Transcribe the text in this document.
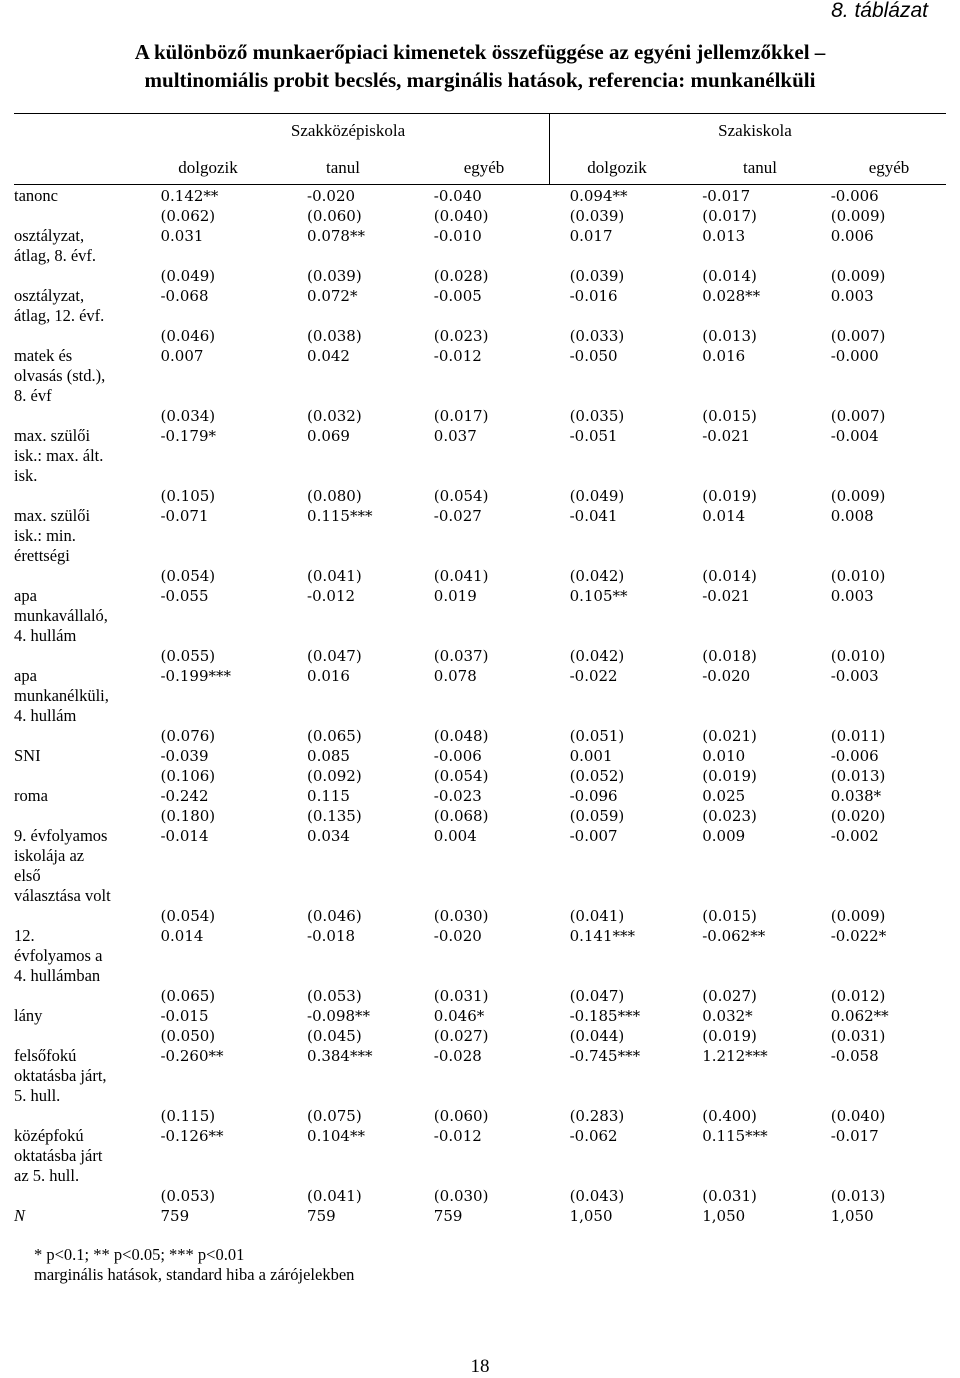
8. táblázat
A különböző munkaerőpiaci kimenetek összefüggése az egyéni jellemzőkkel –
multinomiális probit becslés, marginális hatások, referencia: munkanélküli
Szakközépiskola	Szakiskola
dolgozik	tanul	egyéb	dolgozik	tanul	egyéb
tanonc	0.142**	-0.020	-0.040	0.094**	-0.017	-0.006
	(0.062)	(0.060)	(0.040)	(0.039)	(0.017)	(0.009)
osztályzat,	0.031	0.078**	-0.010	0.017	0.013	0.006
átlag, 8. évf.						
	(0.049)	(0.039)	(0.028)	(0.039)	(0.014)	(0.009)
osztályzat,	-0.068	0.072*	-0.005	-0.016	0.028**	0.003
átlag, 12. évf.						
	(0.046)	(0.038)	(0.023)	(0.033)	(0.013)	(0.007)
matek és	0.007	0.042	-0.012	-0.050	0.016	-0.000
olvasás (std.),						
8. évf						
	(0.034)	(0.032)	(0.017)	(0.035)	(0.015)	(0.007)
max. szülői	-0.179*	0.069	0.037	-0.051	-0.021	-0.004
isk.: max. ált.						
isk.						
	(0.105)	(0.080)	(0.054)	(0.049)	(0.019)	(0.009)
max. szülői	-0.071	0.115***	-0.027	-0.041	0.014	0.008
isk.: min.						
érettségi						
	(0.054)	(0.041)	(0.041)	(0.042)	(0.014)	(0.010)
apa	-0.055	-0.012	0.019	0.105**	-0.021	0.003
munkavállaló,						
4. hullám						
	(0.055)	(0.047)	(0.037)	(0.042)	(0.018)	(0.010)
apa	-0.199***	0.016	0.078	-0.022	-0.020	-0.003
munkanélküli,						
4. hullám						
	(0.076)	(0.065)	(0.048)	(0.051)	(0.021)	(0.011)
SNI	-0.039	0.085	-0.006	0.001	0.010	-0.006
	(0.106)	(0.092)	(0.054)	(0.052)	(0.019)	(0.013)
roma	-0.242	0.115	-0.023	-0.096	0.025	0.038*
	(0.180)	(0.135)	(0.068)	(0.059)	(0.023)	(0.020)
9. évfolyamos	-0.014	0.034	0.004	-0.007	0.009	-0.002
iskolája az						
első						
választása volt						
	(0.054)	(0.046)	(0.030)	(0.041)	(0.015)	(0.009)
12.	0.014	-0.018	-0.020	0.141***	-0.062**	-0.022*
évfolyamos a						
4. hullámban						
	(0.065)	(0.053)	(0.031)	(0.047)	(0.027)	(0.012)
lány	-0.015	-0.098**	0.046*	-0.185***	0.032*	0.062**
	(0.050)	(0.045)	(0.027)	(0.044)	(0.019)	(0.031)
felsőfokú	-0.260**	0.384***	-0.028	-0.745***	1.212***	-0.058
oktatásba járt,						
5. hull.						
	(0.115)	(0.075)	(0.060)	(0.283)	(0.400)	(0.040)
középfokú	-0.126**	0.104**	-0.012	-0.062	0.115***	-0.017
oktatásba járt						
az 5. hull.						
	(0.053)	(0.041)	(0.030)	(0.043)	(0.031)	(0.013)
N	759	759	759	1,050	1,050	1,050
* p<0.1; ** p<0.05; *** p<0.01
marginális hatások, standard hiba a zárójelekben
18
